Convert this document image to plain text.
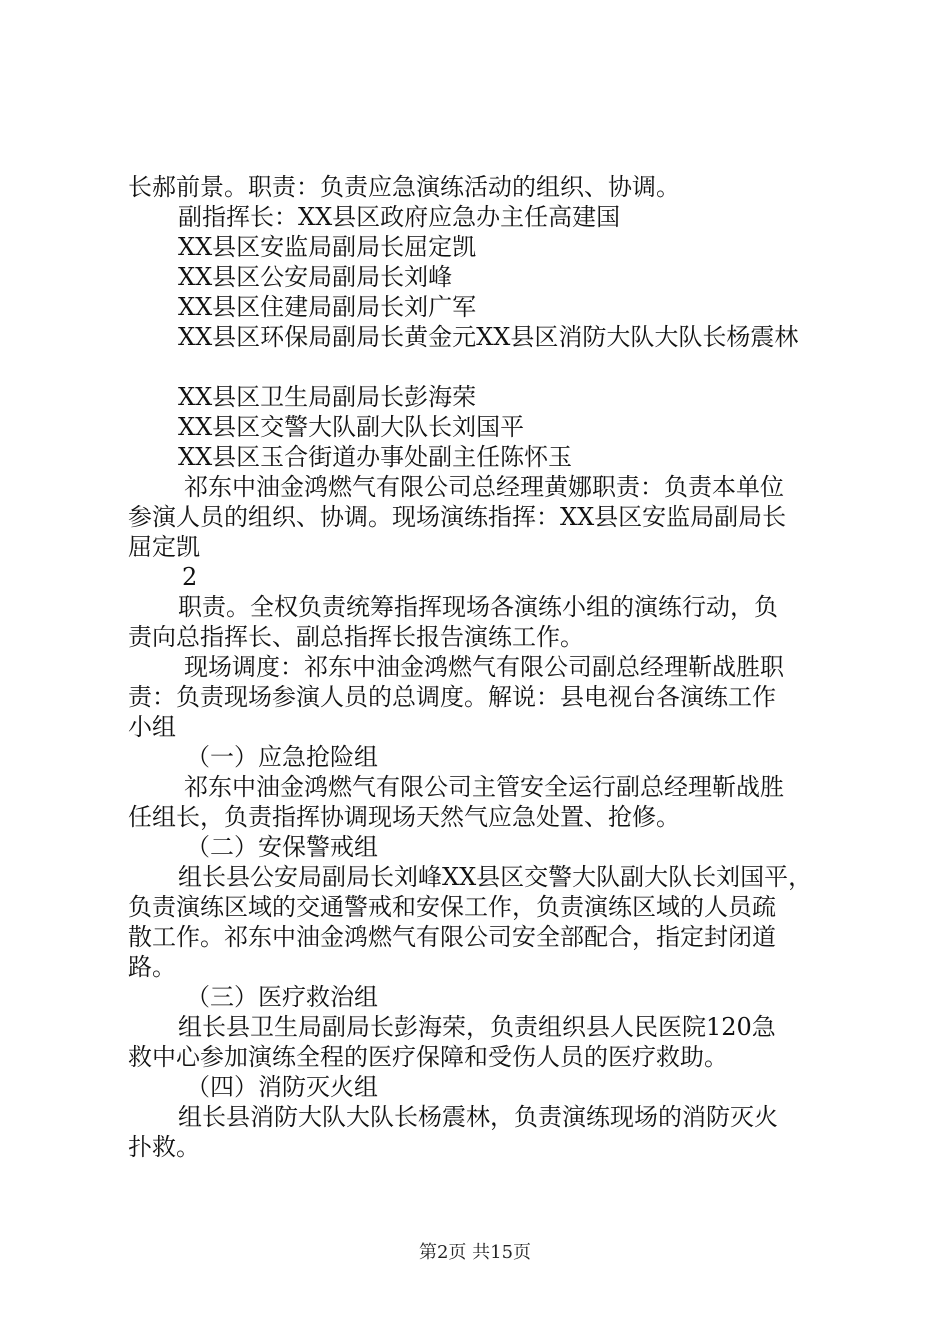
长郝前景。职责：负责应急演练活动的组织、协调。
副指挥长：XX县区政府应急办主任高建国
XX县区安监局副局长屈定凯
XX县区公安局副局长刘峰
XX县区住建局副局长刘广军
XX县区环保局副局长黄金元XX县区消防大队大队长杨震林
XX县区卫生局副局长彭海荣
XX县区交警大队副大队长刘国平
XX县区玉合街道办事处副主任陈怀玉
祁东中油金鸿燃气有限公司总经理黄娜职责：负责本单位
参演人员的组织、协调。现场演练指挥：XX县区安监局副局长
屈定凯
2
职责。全权负责统筹指挥现场各演练小组的演练行动，负
责向总指挥长、副总指挥长报告演练工作。
现场调度：祁东中油金鸿燃气有限公司副总经理靳战胜职
责：负责现场参演人员的总调度。解说：县电视台各演练工作
小组
（一）应急抢险组
祁东中油金鸿燃气有限公司主管安全运行副总经理靳战胜
任组长，负责指挥协调现场天然气应急处置、抢修。
（二）安保警戒组
组长县公安局副局长刘峰XX县区交警大队副大队长刘国平，
负责演练区域的交通警戒和安保工作，负责演练区域的人员疏
散工作。祁东中油金鸿燃气有限公司安全部配合，指定封闭道
路。
（三）医疗救治组
组长县卫生局副局长彭海荣，负责组织县人民医院120急
救中心参加演练全程的医疗保障和受伤人员的医疗救助。
（四）消防灭火组
组长县消防大队大队长杨震林，负责演练现场的消防灭火
扑救。
第2页 共15页
